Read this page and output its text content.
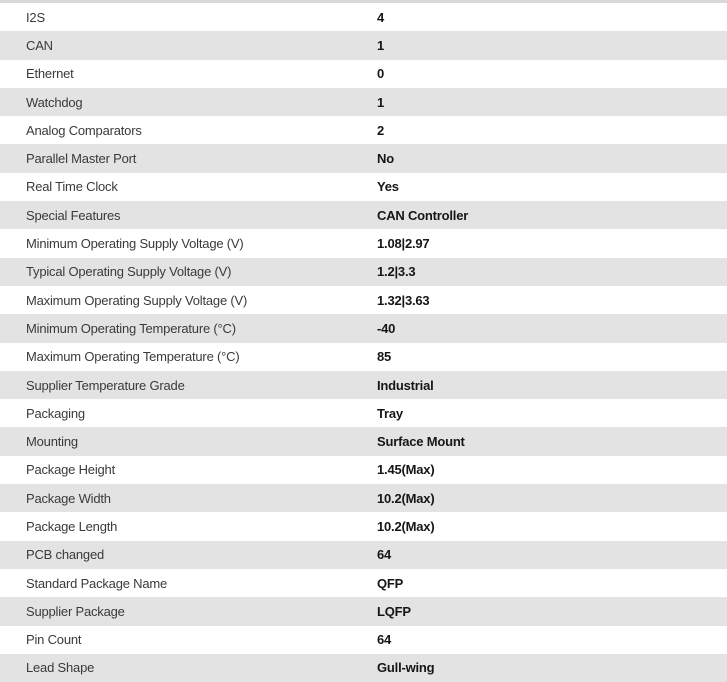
I2S	4
CAN	1
Ethernet	0
Watchdog	1
Analog Comparators	2
Parallel Master Port	No
Real Time Clock	Yes
Special Features	CAN Controller
Minimum Operating Supply Voltage (V)	1.08|2.97
Typical Operating Supply Voltage (V)	1.2|3.3
Maximum Operating Supply Voltage (V)	1.32|3.63
Minimum Operating Temperature (°C)	-40
Maximum Operating Temperature (°C)	85
Supplier Temperature Grade	Industrial
Packaging	Tray
Mounting	Surface Mount
Package Height	1.45(Max)
Package Width	10.2(Max)
Package Length	10.2(Max)
PCB changed	64
Standard Package Name	QFP
Supplier Package	LQFP
Pin Count	64
Lead Shape	Gull-wing
